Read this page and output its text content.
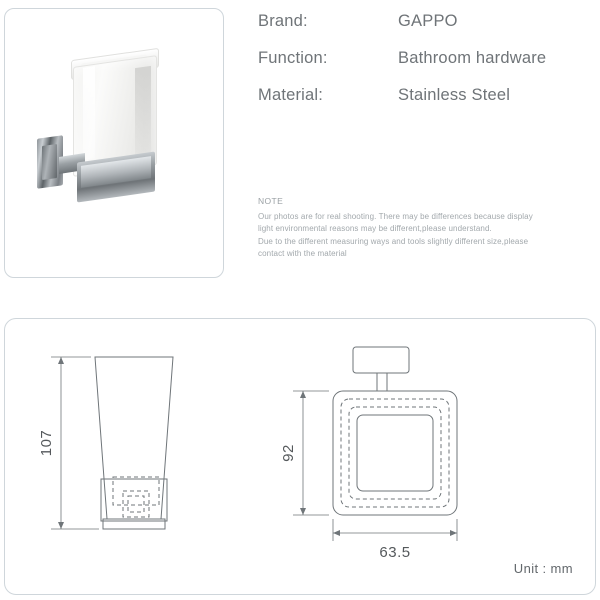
Brand:	GAPPO
Function:	Bathroom hardware
Material:	Stainless Steel
NOTE
Our photos are for real shooting. There may be differences because display
light environmental reasons may be different,please understand.
Due to the different measuring ways and tools slightly different size,please
contact with the material
107	92
63.5
Unit : mm
